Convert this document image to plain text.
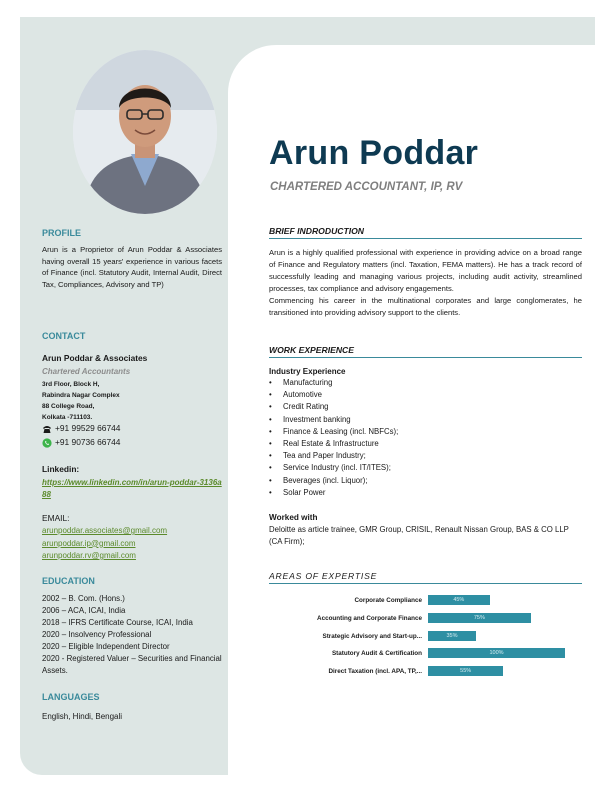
Arun Poddar
CHARTERED ACCOUNTANT, IP, RV
PROFILE
Arun is a Proprietor of Arun Poddar & Associates having overall 15 years' experience in various facets of Finance (incl. Statutory Audit, Internal Audit, Direct Tax, Compliances, Advisory and TP)
CONTACT
Arun Poddar & Associates
Chartered Accountants
3rd Floor, Block H,
Rabindra Nagar Complex
88 College Road,
Kolkata -711103.
+91 99529 66744
+91 90736 66744
Linkedin:
https://www.linkedin.com/in/arun-poddar-3136a88
EMAIL:
arunpoddar.associates@gmail.com
arunpoddar.ip@gmail.com
arunpoddar.rv@gmail.com
EDUCATION
2002 – B. Com. (Hons.)
2006 – ACA, ICAI, India
2018 – IFRS Certificate Course, ICAI, India
2020 – Insolvency Professional
2020 – Eligible Independent Director
2020 - Registered Valuer – Securities and Financial Assets.
LANGUAGES
English, Hindi, Bengali
BRIEF INDRODUCTION
Arun is a highly qualified professional with experience in providing advice on a broad range of Finance and Regulatory matters (incl. Taxation, FEMA matters). He has a track record of successfully leading and managing various projects, including audit activity, streamlined processes, tax compliance and advisory engagements.
Commencing his career in the multinational corporates and large conglomerates, he transitioned into providing advisory support to the clients.
WORK EXPERIENCE
Industry Experience
• Manufacturing
• Automotive
• Credit Rating
• Investment banking
• Finance & Leasing (incl. NBFCs);
• Real Estate & Infrastructure
• Tea and Paper Industry;
• Service Industry (incl. IT/ITES);
• Beverages (incl. Liquor);
• Solar Power
Worked with
Deloitte as article trainee, GMR Group, CRISIL, Renault Nissan Group, BAS & CO LLP (CA Firm);
AREAS OF EXPERTISE
Corporate Compliance	45%
Accounting and Corporate Finance	75%
Strategic Advisory and Start-up...	35%
Statutory Audit & Certification	100%
Direct Taxation (incl. APA, TP,...	55%
